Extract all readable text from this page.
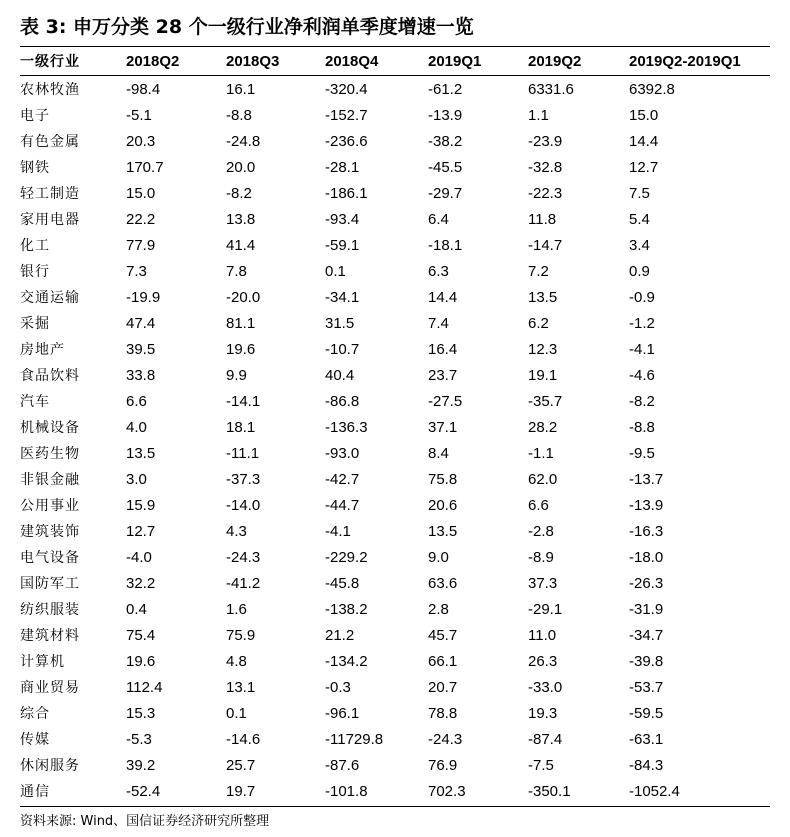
表 3: 申万分类 28 个一级行业净利润单季度增速一览
一级行业	2018Q2	2018Q3	2018Q4	2019Q1	2019Q2	2019Q2-2019Q1
农林牧渔	-98.4	16.1	-320.4	-61.2	6331.6	6392.8
电子	-5.1	-8.8	-152.7	-13.9	1.1	15.0
有色金属	20.3	-24.8	-236.6	-38.2	-23.9	14.4
钢铁	170.7	20.0	-28.1	-45.5	-32.8	12.7
轻工制造	15.0	-8.2	-186.1	-29.7	-22.3	7.5
家用电器	22.2	13.8	-93.4	6.4	11.8	5.4
化工	77.9	41.4	-59.1	-18.1	-14.7	3.4
银行	7.3	7.8	0.1	6.3	7.2	0.9
交通运输	-19.9	-20.0	-34.1	14.4	13.5	-0.9
采掘	47.4	81.1	31.5	7.4	6.2	-1.2
房地产	39.5	19.6	-10.7	16.4	12.3	-4.1
食品饮料	33.8	9.9	40.4	23.7	19.1	-4.6
汽车	6.6	-14.1	-86.8	-27.5	-35.7	-8.2
机械设备	4.0	18.1	-136.3	37.1	28.2	-8.8
医药生物	13.5	-11.1	-93.0	8.4	-1.1	-9.5
非银金融	3.0	-37.3	-42.7	75.8	62.0	-13.7
公用事业	15.9	-14.0	-44.7	20.6	6.6	-13.9
建筑装饰	12.7	4.3	-4.1	13.5	-2.8	-16.3
电气设备	-4.0	-24.3	-229.2	9.0	-8.9	-18.0
国防军工	32.2	-41.2	-45.8	63.6	37.3	-26.3
纺织服装	0.4	1.6	-138.2	2.8	-29.1	-31.9
建筑材料	75.4	75.9	21.2	45.7	11.0	-34.7
计算机	19.6	4.8	-134.2	66.1	26.3	-39.8
商业贸易	112.4	13.1	-0.3	20.7	-33.0	-53.7
综合	15.3	0.1	-96.1	78.8	19.3	-59.5
传媒	-5.3	-14.6	-11729.8	-24.3	-87.4	-63.1
休闲服务	39.2	25.7	-87.6	76.9	-7.5	-84.3
通信	-52.4	19.7	-101.8	702.3	-350.1	-1052.4
资料来源: Wind、国信证券经济研究所整理
